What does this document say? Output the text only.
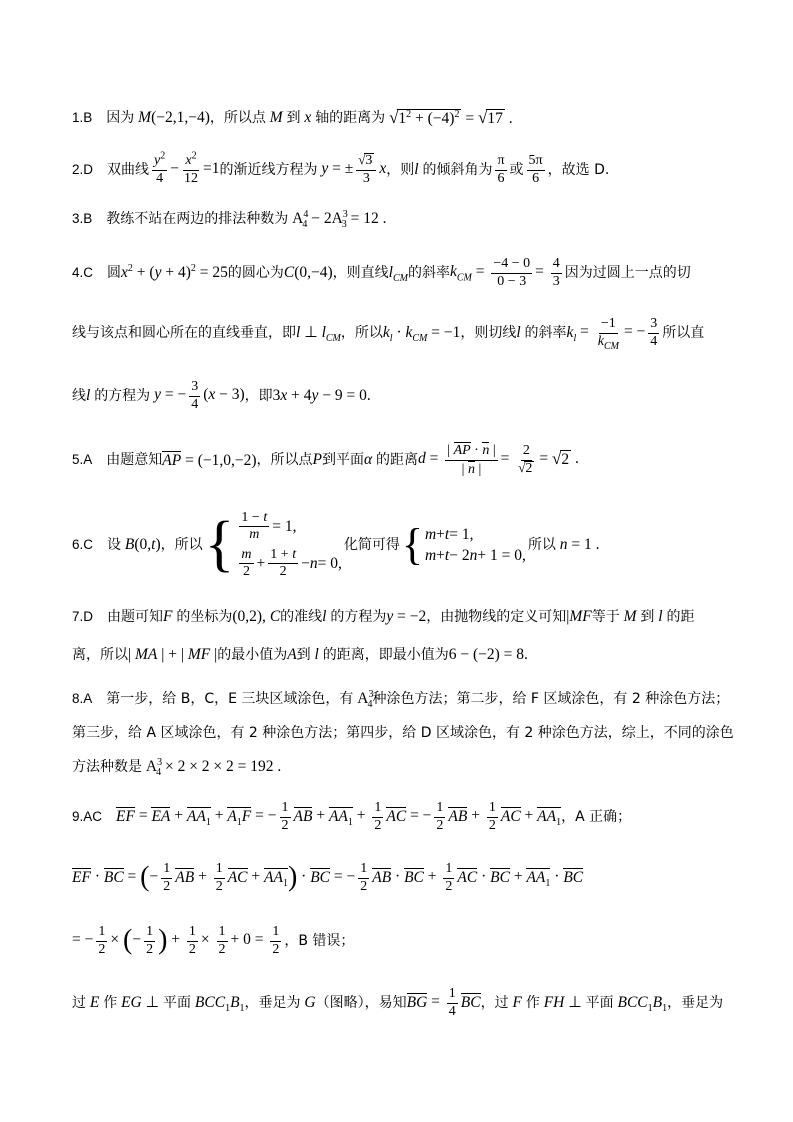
1.B 因为 M(−2,1,−4) ，所以点 M 到 x 轴的距离为 $√1^2 + (-4)^2 = √17$ .
2.D 双曲线 $\frac{y^2}{4} - \frac{x^2}{12} =1$ 的渐近线方程为 y = ± $\frac{√3}{3}$ x ，则 l 的倾斜角为 $\frac{\pi}{6}$ 或 $\frac{5\pi}{6}$ ，故选 D.
3.B 教练不站在两边的排法种数为 $A^4_4 - 2A^3_3 = 12$ .
4.C 圆 $x^2 + (y + 4)^2 = 25$ 的圆心为 C(0,−4) ，则直线 $l_{CM}$ 的斜率 $k_{CM} = \frac{-4 - 0}{0 - 3} = \frac{4}{3}$ 因为过圆上一点的切
线与该点和圆心所在的直线垂直，即 l ⊥ $l_{CM}$ ，所以 $k_l \cdot k_{CM} = -1$ ，则切线 l 的斜率 $k_l = -1$
$k_{CM}$
= − $\frac{3}{4}$ 所以直
线 l 的方程为 y = − $\frac{3}{4} (x - 3)$ ，即 3x + 4y − 9 = 0.
5.A 由题意知 AP = (−1,0,−2) ，所以点 P 到平面 α 的距离 $d = \frac{| AP \cdot n |}{| n |} = \frac{2}{√2} = √2$ .
6.C 设 B(0,t) ，所以 { 1 − t
m = 1,
m
2 +
1 + t
2 − n = 0,
化简可得 { m + t = 1,
m + t − 2 n + 1 = 0,
所以 n = 1 .
7.D 由题可知 F 的坐标为 (0,2), C 的准线 l 的方程为 y = −2 ，由抛物线的定义可知 |MF 等于 M 到 l 的距
离，所以 | MA | + | MF | 的最小值为 A 到 l 的距离，即最小值为 6 − (−2) = 8.
8.A 第一步，给 B，C，E 三块区域涂色，有 $A^3_4$ 种涂色方法；第二步，给 F 区域涂色，有 2 种涂色方法；
第三步，给 A 区域涂色，有 2 种涂色方法；第四步，给 D 区域涂色，有 2 种涂色方法，综上，不同的涂色
方法种数是 $A^3_4 \times 2 \times 2 \times 2 = 192$ .
9.AC EF = EA + $AA_1 + A_1F$ = − $\frac{1}{2}$ AB + $AA_1 + \frac{1}{2}$ AC = − $\frac{1}{2}$ AB + $\frac{1}{2}$ AC + $AA_1$ ，A 正确；
EF · BC = (− $\frac{1}{2}$ AB + $\frac{1}{2}$ AC + $AA_1$) · BC = − $\frac{1}{2}$ AB · BC + $\frac{1}{2}$ AC · BC + $AA_1$ · BC
= − $\frac{1}{2}$ × (− $\frac{1}{2}$ ) + $\frac{1}{2} \times \frac{1}{2} + 0 = \frac{1}{2}$ ，B 错误；
过 E 作 EG ⊥ 平面 $BCC_1B_1$ ，垂足为 G （图略），易知 BG = $\frac{1}{4}$ BC ，过 F 作 FH ⊥ 平面 $BCC_1B_1$ ，垂足为
